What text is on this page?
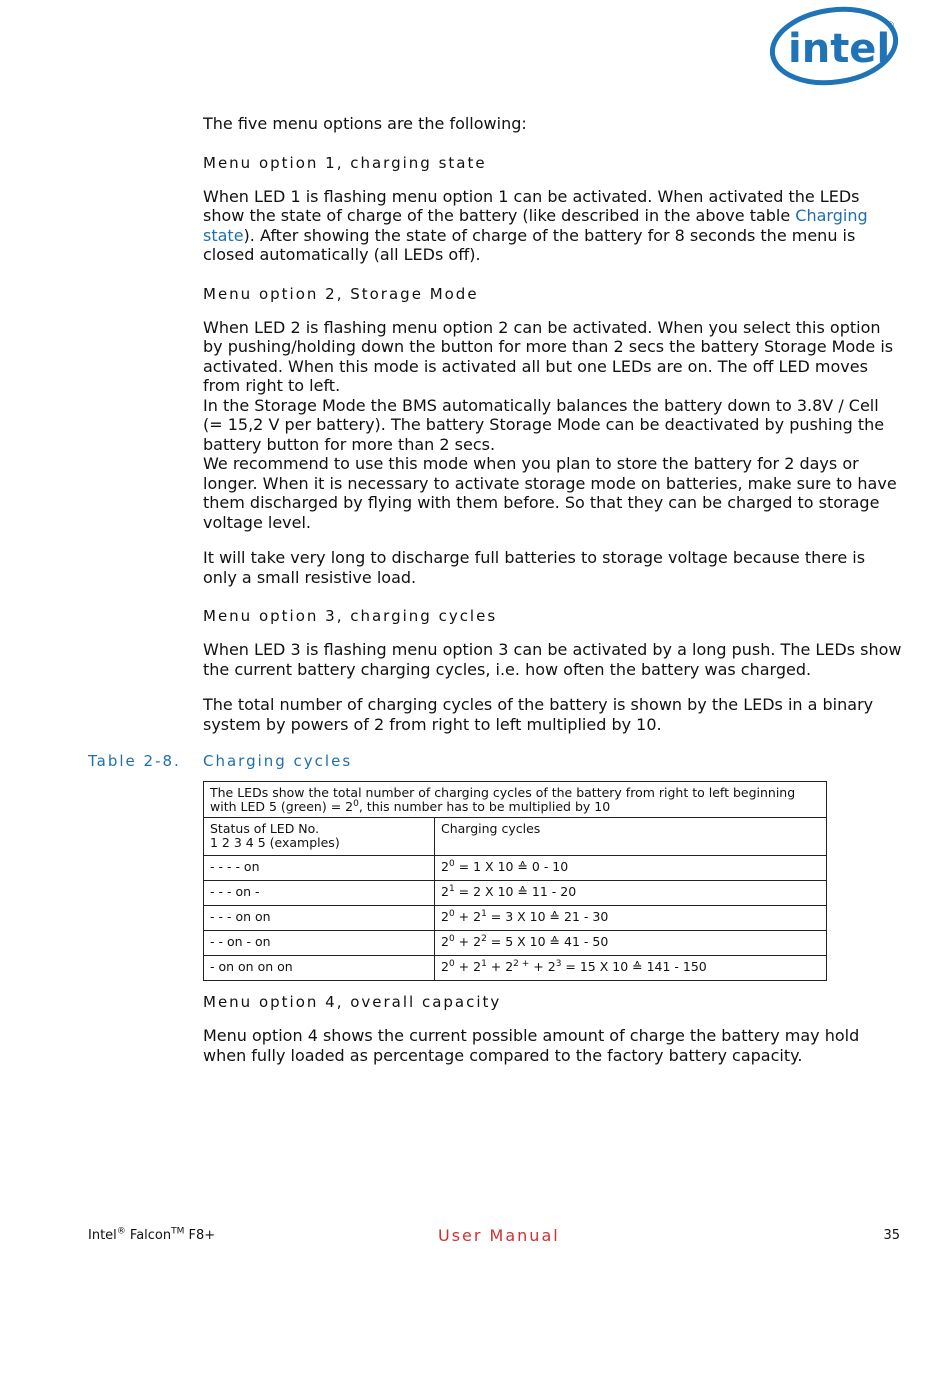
intel
®

The five menu options are the following:

Menu option 1, charging state

When LED 1 is flashing menu option 1 can be activated. When activated the LEDs show the state of charge of the battery (like described in the above table Charging state). After showing the state of charge of the battery for 8 seconds the menu is closed automatically (all LEDs off).

Menu option 2, Storage Mode

When LED 2 is flashing menu option 2 can be activated. When you select this option by pushing/holding down the button for more than 2 secs the battery Storage Mode is activated. When this mode is activated all but one LEDs are on. The off LED moves from right to left.
In the Storage Mode the BMS automatically balances the battery down to 3.8V / Cell (= 15,2 V per battery). The battery Storage Mode can be deactivated by pushing the battery button for more than 2 secs.
We recommend to use this mode when you plan to store the battery for 2 days or longer. When it is necessary to activate storage mode on batteries, make sure to have them discharged by flying with them before. So that they can be charged to storage voltage level.

It will take very long to discharge full batteries to storage voltage because there is only a small resistive load.

Menu option 3, charging cycles

When LED 3 is flashing menu option 3 can be activated by a long push. The LEDs show the current battery charging cycles, i.e. how often the battery was charged.

The total number of charging cycles of the battery is shown by the LEDs in a binary system by powers of 2 from right to left multiplied by 10.

Table 2-8. Charging cycles
The LEDs show the total number of charging cycles of the battery from right to left beginning with LED 5 (green) = $2^0$, this number has to be multiplied by 10	
Status of LED No.
1 2 3 4 5 (examples)	Charging cycles
- - - - on	$2^0 = 1$ X 10 ≙ 0 - 10
- - - on -	$2^1 = 2$ X 10 ≙ 11 - 20
- - - on on	$2^0 + 2^1 = 3$ X 10 ≙ 21 - 30
- - on - on	$2^0 + 2^2 = 5$ X 10 ≙ 41 - 50
- on on on on	$2^0 + 2^1 + 2^{2 +} + 2^3 = 15$ X 10 ≙ 141 - 150

Menu option 4, overall capacity

Menu option 4 shows the current possible amount of charge the battery may hold when fully loaded as percentage compared to the factory battery capacity.

Intel® Falcon™ F8+	User Manual	35
